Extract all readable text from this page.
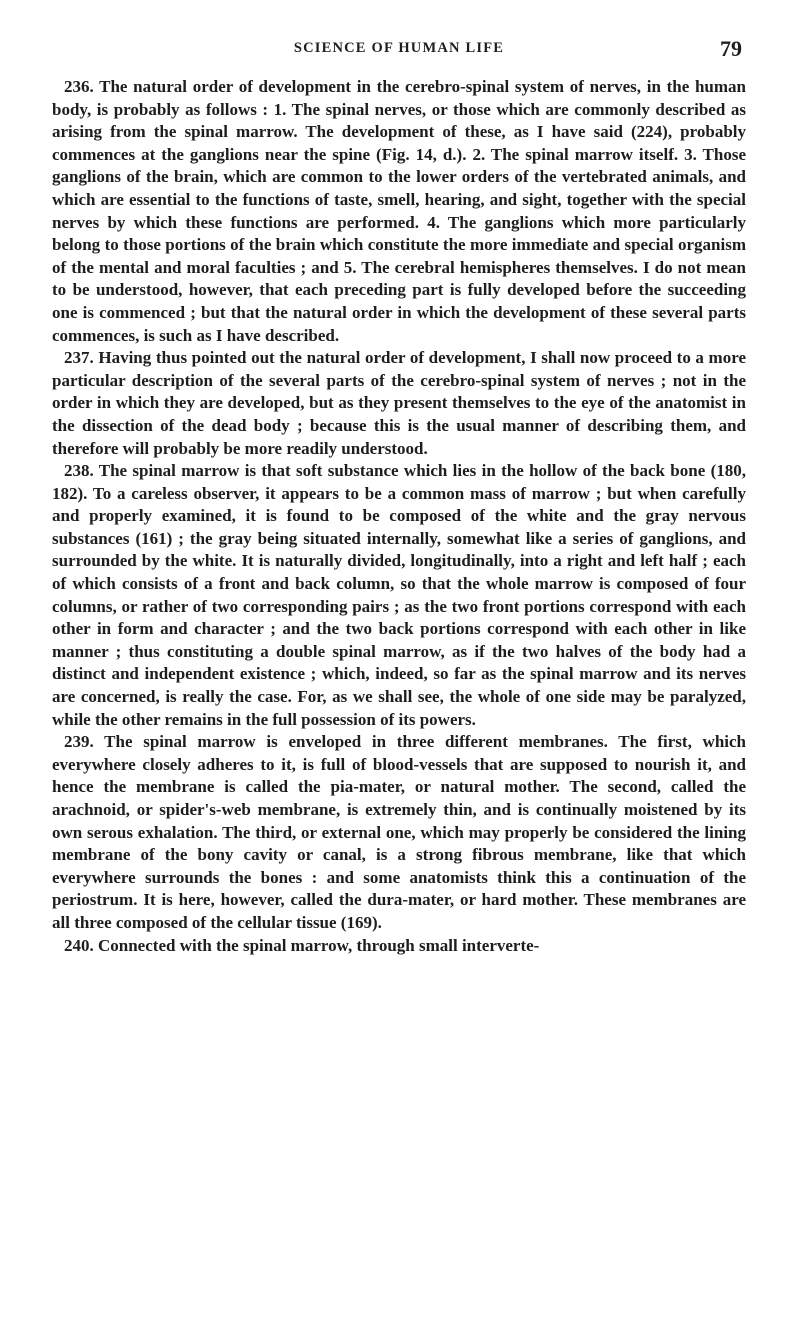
SCIENCE OF HUMAN LIFE	79

236. The natural order of development in the cerebro-spinal system of nerves, in the human body, is probably as follows : 1. The spinal nerves, or those which are commonly described as arising from the spinal marrow. The development of these, as I have said (224), probably commences at the ganglions near the spine (Fig. 14, d.). 2. The spinal marrow itself. 3. Those ganglions of the brain, which are common to the lower orders of the vertebrated animals, and which are essential to the functions of taste, smell, hearing, and sight, together with the special nerves by which these functions are performed. 4. The ganglions which more particularly belong to those portions of the brain which constitute the more immediate and special organism of the mental and moral faculties ; and 5. The cerebral hemispheres themselves. I do not mean to be understood, however, that each preceding part is fully developed before the succeeding one is commenced ; but that the natural order in which the development of these several parts commences, is such as I have described.

237. Having thus pointed out the natural order of development, I shall now proceed to a more particular description of the several parts of the cerebro-spinal system of nerves ; not in the order in which they are developed, but as they present themselves to the eye of the anatomist in the dissection of the dead body ; because this is the usual manner of describing them, and therefore will probably be more readily understood.

238. The spinal marrow is that soft substance which lies in the hollow of the back bone (180, 182). To a careless observer, it appears to be a common mass of marrow ; but when carefully and properly examined, it is found to be composed of the white and the gray nervous substances (161) ; the gray being situated internally, somewhat like a series of ganglions, and surrounded by the white. It is naturally divided, longitudinally, into a right and left half ; each of which consists of a front and back column, so that the whole marrow is composed of four columns, or rather of two corresponding pairs ; as the two front portions correspond with each other in form and character ; and the two back portions correspond with each other in like manner ; thus constituting a double spinal marrow, as if the two halves of the body had a distinct and independent existence ; which, indeed, so far as the spinal marrow and its nerves are concerned, is really the case. For, as we shall see, the whole of one side may be paralyzed, while the other remains in the full possession of its powers.

239. The spinal marrow is enveloped in three different membranes. The first, which everywhere closely adheres to it, is full of blood-vessels that are supposed to nourish it, and hence the membrane is called the pia-mater, or natural mother. The second, called the arachnoid, or spider's-web membrane, is extremely thin, and is continually moistened by its own serous exhalation. The third, or external one, which may properly be considered the lining membrane of the bony cavity or canal, is a strong fibrous membrane, like that which everywhere surrounds the bones : and some anatomists think this a continuation of the periostrum. It is here, however, called the dura-mater, or hard mother. These membranes are all three composed of the cellular tissue (169).

240. Connected with the spinal marrow, through small interverte-
